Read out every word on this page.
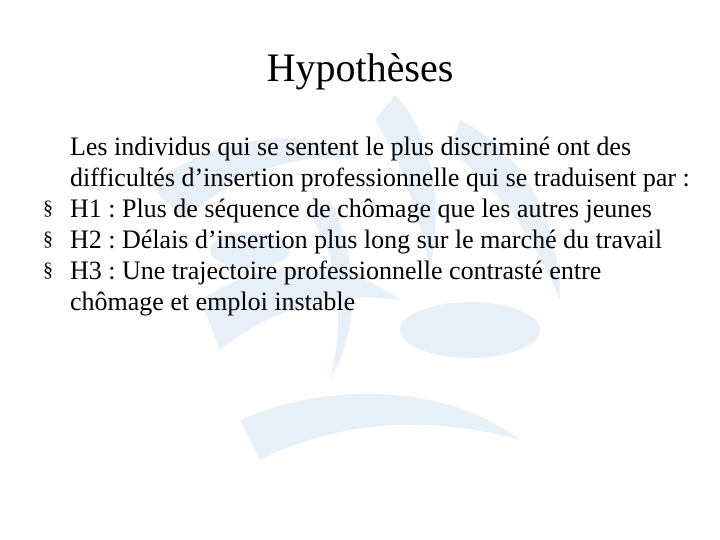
Hypothèses
Les individus qui se sentent le plus discriminé ont des difficultés d’insertion professionnelle qui se traduisent par :
§ H1 : Plus de séquence de chômage que les autres jeunes
§ H2 : Délais d’insertion plus long sur le marché du travail
§ H3 : Une trajectoire professionnelle contrasté entre chômage et emploi instable
